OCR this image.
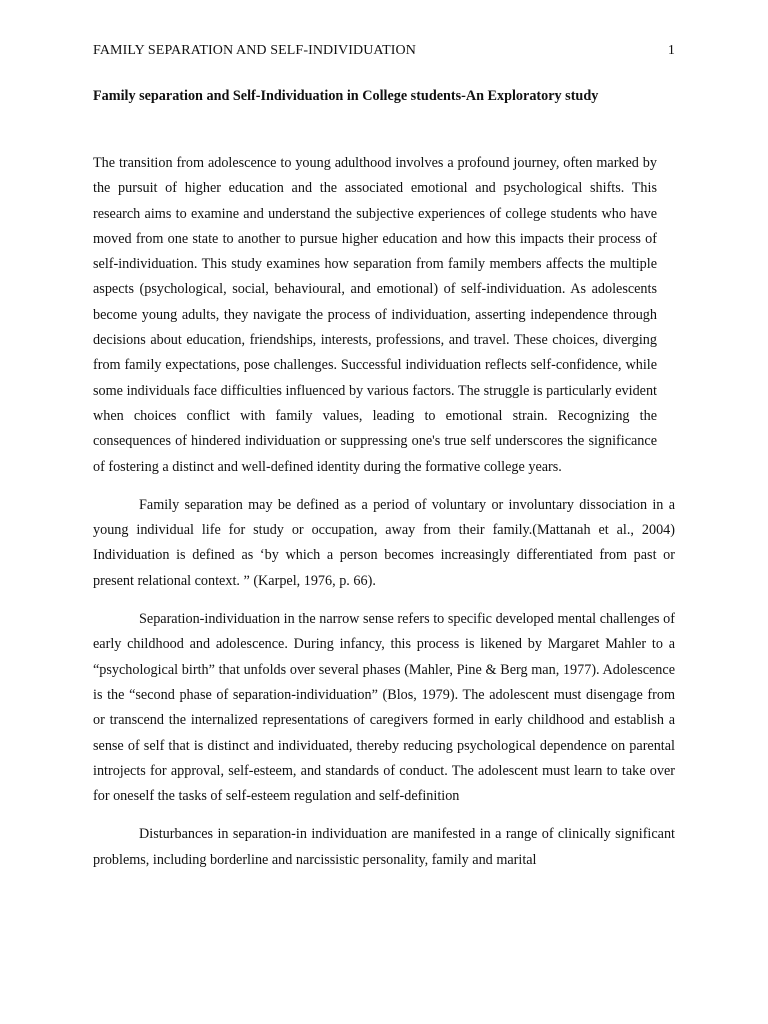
FAMILY SEPARATION AND SELF-INDIVIDUATION	1
Family separation and Self-Individuation in College students-An Exploratory study

The transition from adolescence to young adulthood involves a profound journey, often marked by the pursuit of higher education and the associated emotional and psychological shifts. This research aims to examine and understand the subjective experiences of college students who have moved from one state to another to pursue higher education and how this impacts their process of self-individuation. This study examines how separation from family members affects the multiple aspects (psychological, social, behavioural, and emotional) of self-individuation. As adolescents become young adults, they navigate the process of individuation, asserting independence through decisions about education, friendships, interests, professions, and travel. These choices, diverging from family expectations, pose challenges. Successful individuation reflects self-confidence, while some individuals face difficulties influenced by various factors. The struggle is particularly evident when choices conflict with family values, leading to emotional strain. Recognizing the consequences of hindered individuation or suppressing one's true self underscores the significance of fostering a distinct and well-defined identity during the formative college years.

Family separation may be defined as a period of voluntary or involuntary dissociation in a young individual life for study or occupation, away from their family.(Mattanah et al., 2004) Individuation is defined as ‘by which a person becomes increasingly differentiated from past or present relational context. ” (Karpel, 1976, p. 66).

Separation-individuation in the narrow sense refers to specific developed mental challenges of early childhood and adolescence. During infancy, this process is likened by Margaret Mahler to a “psychological birth” that unfolds over several phases (Mahler, Pine & Berg man, 1977). Adolescence is the “second phase of separation-individuation” (Blos, 1979). The adolescent must disengage from or transcend the internalized representations of caregivers formed in early childhood and establish a sense of self that is distinct and individuated, thereby reducing psychological dependence on parental introjects for approval, self-esteem, and standards of conduct. The adolescent must learn to take over for oneself the tasks of self-esteem regulation and self-definition

Disturbances in separation-in individuation are manifested in a range of clinically significant problems, including borderline and narcissistic personality, family and marital
